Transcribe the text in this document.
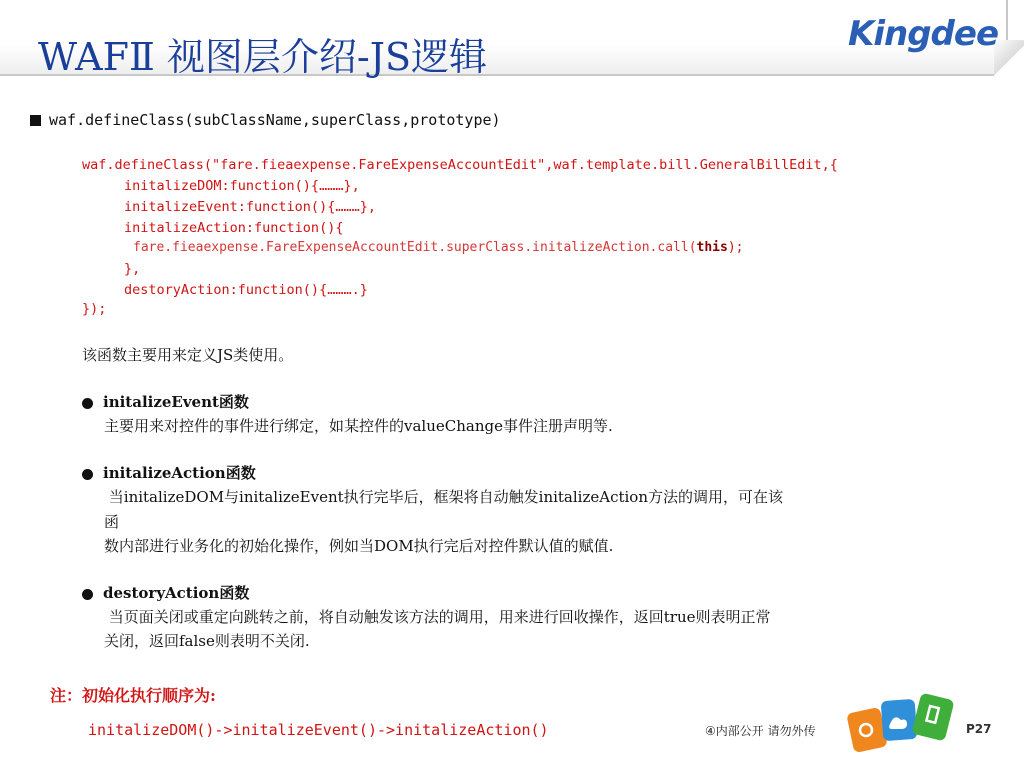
WAFⅡ 视图层介绍-JS逻辑
Kingdee
waf.defineClass(subClassName,superClass,prototype)
waf.defineClass("fare.fieaexpense.FareExpenseAccountEdit",waf.template.bill.GeneralBillEdit,{
initalizeDOM:function(){………},
initalizeEvent:function(){………},
initalizeAction:function(){
fare.fieaexpense.FareExpenseAccountEdit.superClass.initalizeAction.call(this);
},
destoryAction:function(){……….}
});
该函数主要用来定义JS类使用。
initalizeEvent函数
主要用来对控件的事件进行绑定，如某控件的valueChange事件注册声明等.
initalizeAction函数
当initalizeDOM与initalizeEvent执行完毕后，框架将自动触发initalizeAction方法的调用，可在该
函
数内部进行业务化的初始化操作，例如当DOM执行完后对控件默认值的赋值.
destoryAction函数
当页面关闭或重定向跳转之前，将自动触发该方法的调用，用来进行回收操作，返回true则表明正常
关闭，返回false则表明不关闭.
注：初始化执行顺序为:
initalizeDOM()->initalizeEvent()->initalizeAction()	④内部公开 请勿外传	P27
